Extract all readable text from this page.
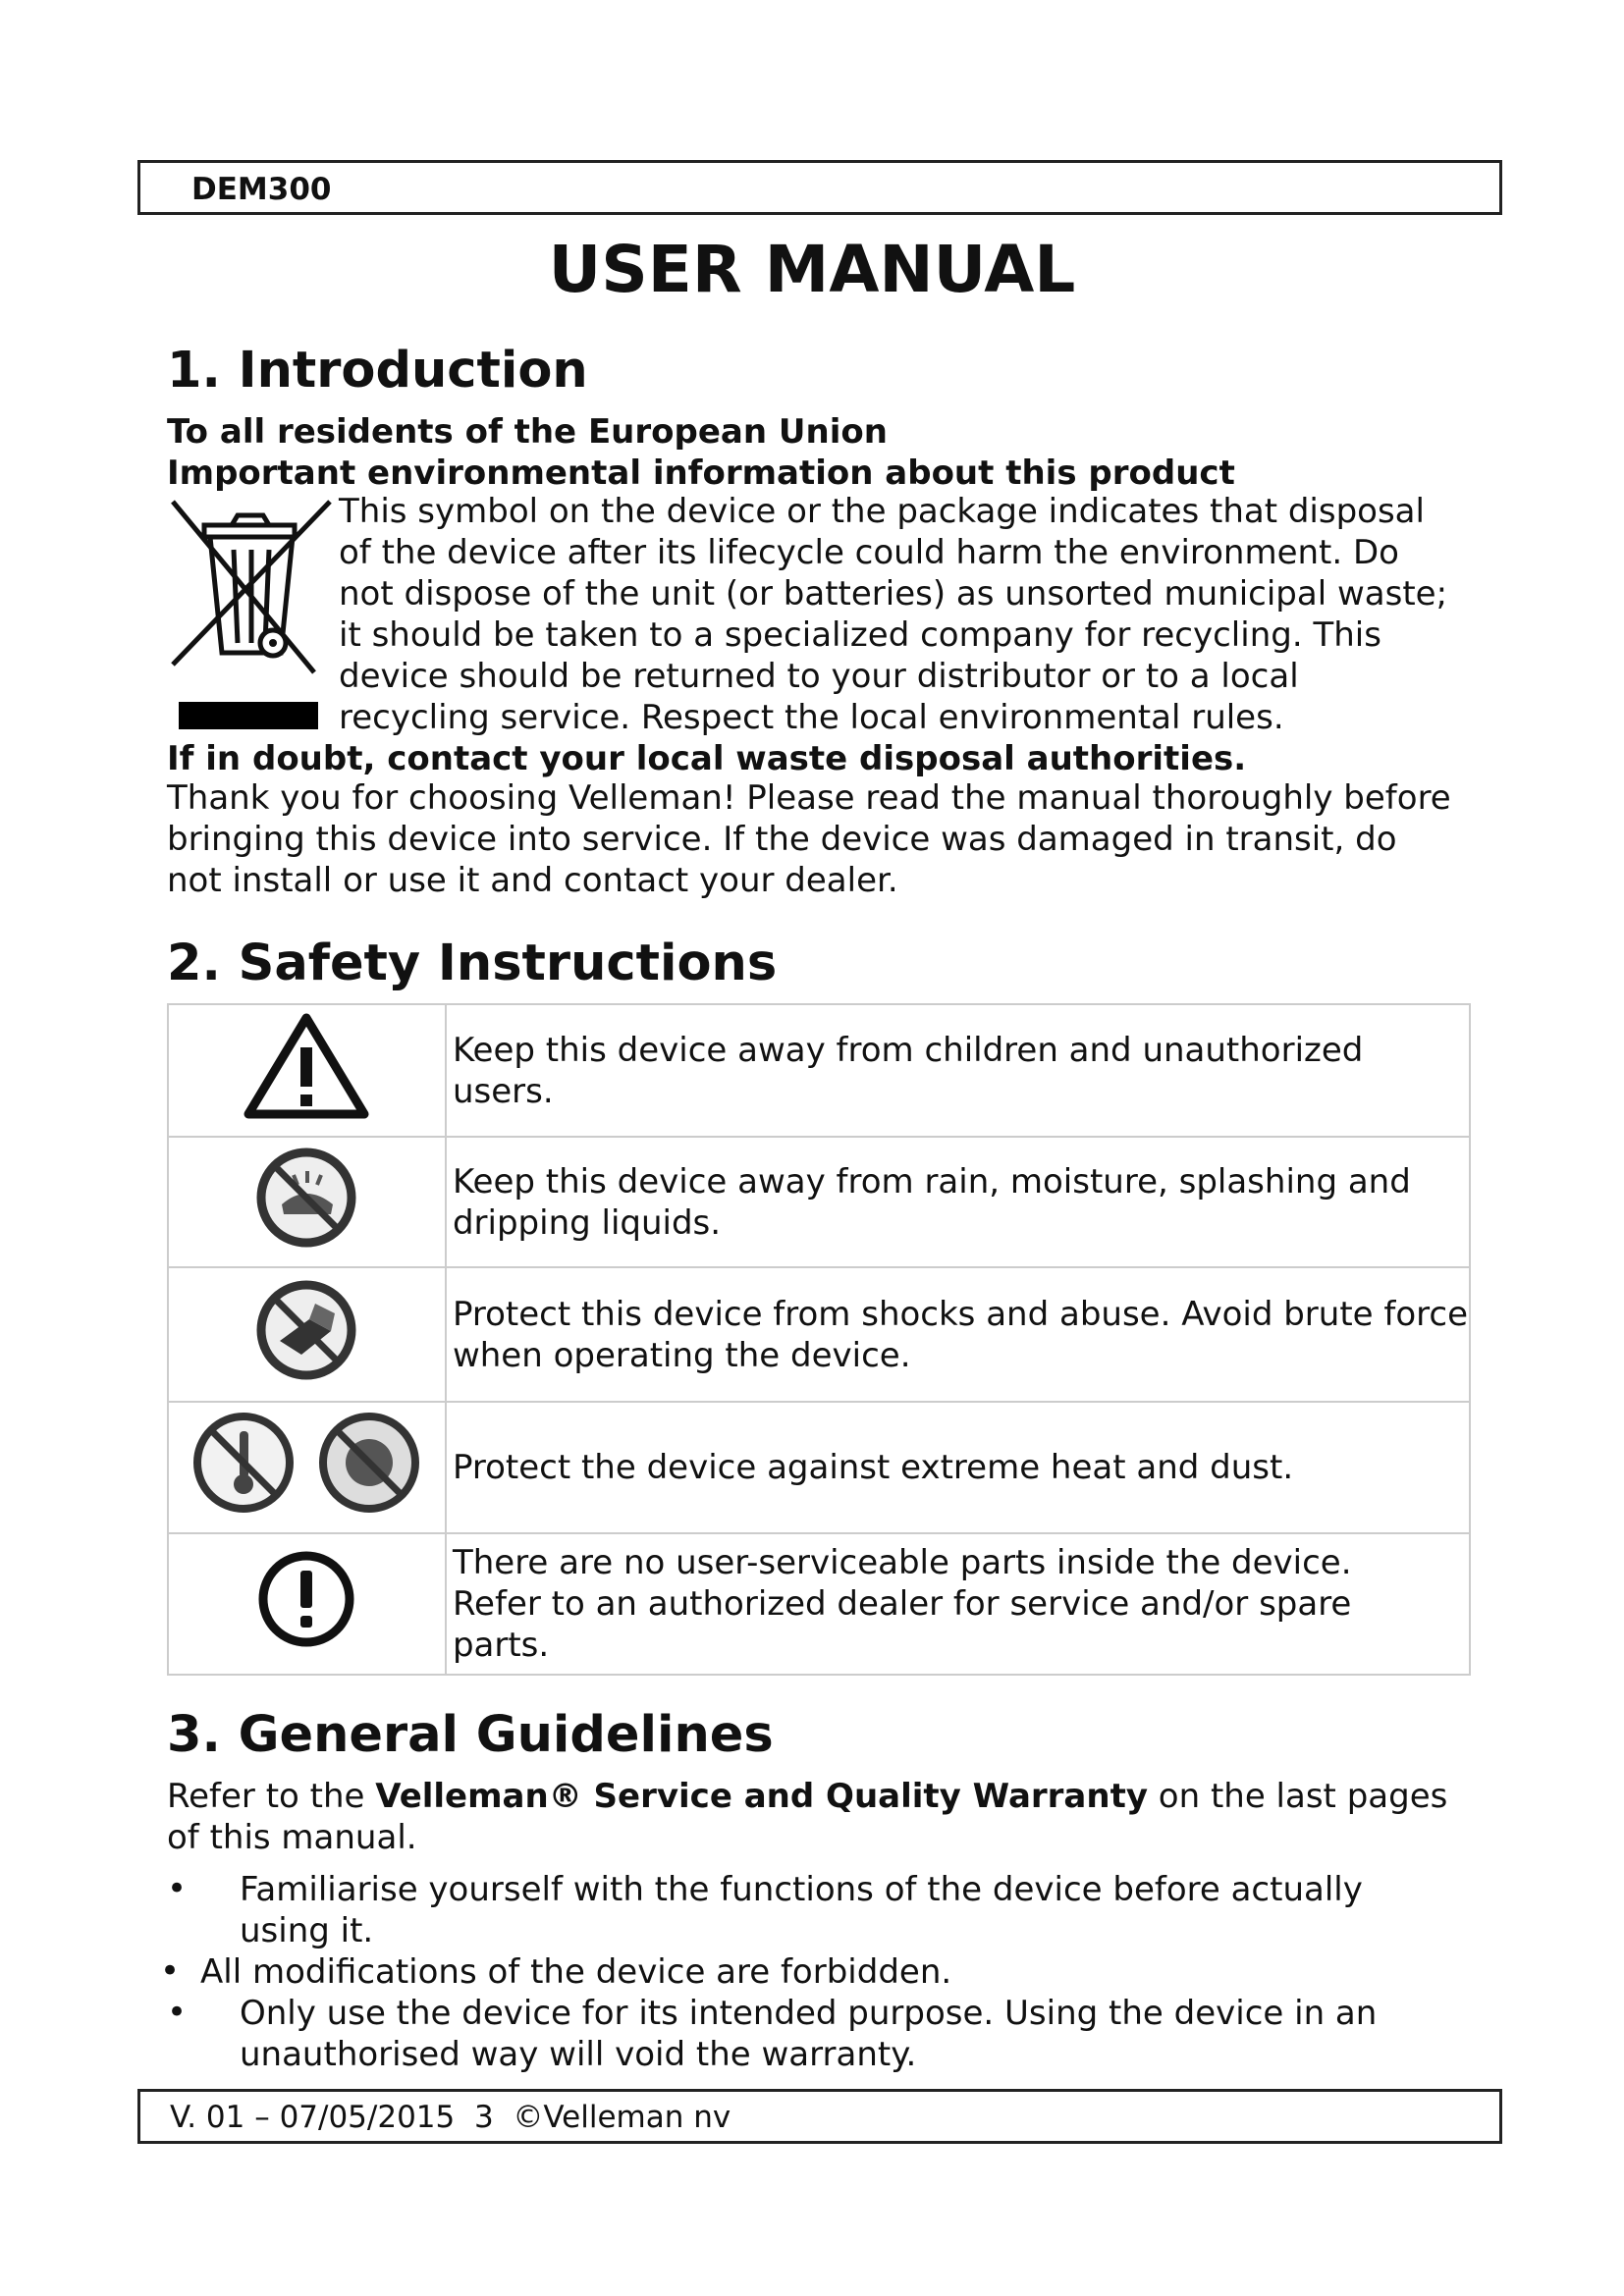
DEM300
USER MANUAL
1. Introduction
To all residents of the European Union
Important environmental information about this product
This symbol on the device or the package indicates that disposal
of the device after its lifecycle could harm the environment. Do
not dispose of the unit (or batteries) as unsorted municipal waste;
it should be taken to a specialized company for recycling. This
device should be returned to your distributor or to a local
recycling service. Respect the local environmental rules.
If in doubt, contact your local waste disposal authorities.
Thank you for choosing Velleman! Please read the manual thoroughly before
bringing this device into service. If the device was damaged in transit, do
not install or use it and contact your dealer.
2. Safety Instructions

Keep this device away from children and unauthorized
users.

Keep this device away from rain, moisture, splashing and
dripping liquids.

Protect this device from shocks and abuse. Avoid brute force
when operating the device.

Protect the device against extreme heat and dust.

There are no user-serviceable parts inside the device.
Refer to an authorized dealer for service and/or spare
parts.
3. General Guidelines
Refer to the Velleman® Service and Quality Warranty on the last pages
of this manual.
• Familiarise yourself with the functions of the device before actually
using it.
• All modifications of the device are forbidden.
• Only use the device for its intended purpose. Using the device in an
unauthorised way will void the warranty.
V. 01 – 07/05/2015  3  ©Velleman nv
